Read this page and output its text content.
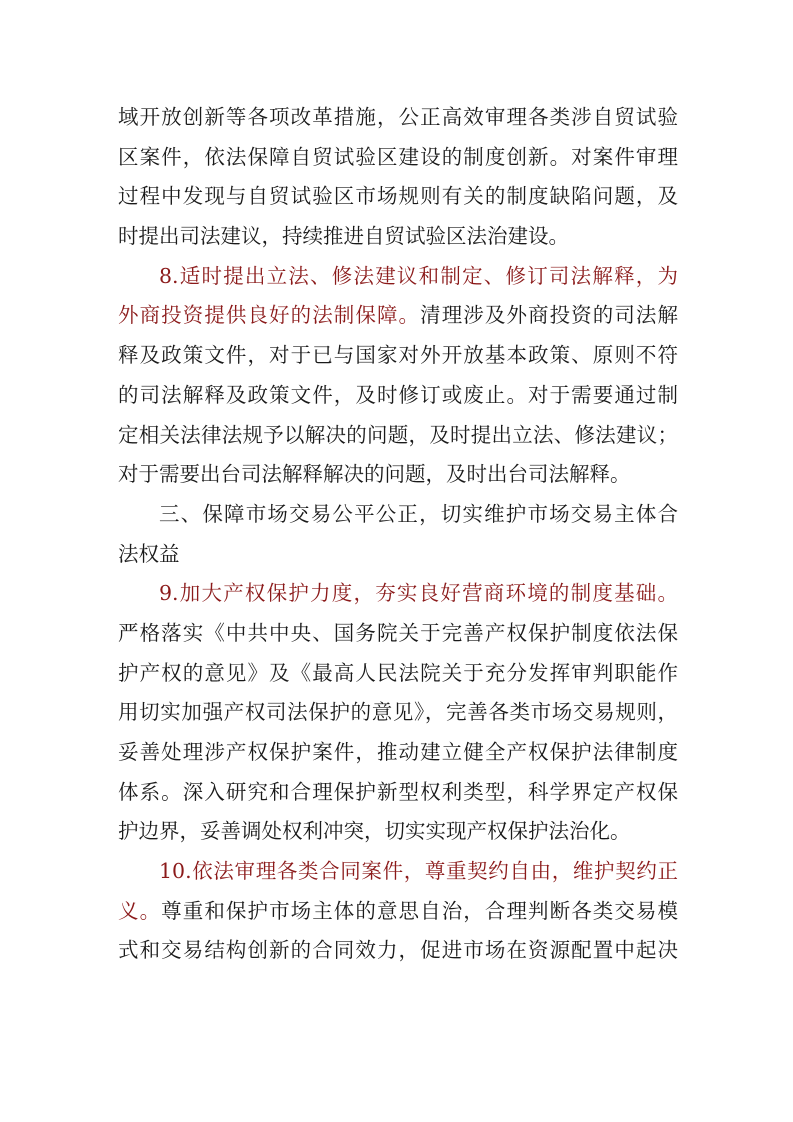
域开放创新等各项改革措施，公正高效审理各类涉自贸试验
区案件，依法保障自贸试验区建设的制度创新。对案件审理
过程中发现与自贸试验区市场规则有关的制度缺陷问题，及
时提出司法建议，持续推进自贸试验区法治建设。
8.适时提出立法、修法建议和制定、修订司法解释，为
外商投资提供良好的法制保障。清理涉及外商投资的司法解
释及政策文件，对于已与国家对外开放基本政策、原则不符
的司法解释及政策文件，及时修订或废止。对于需要通过制
定相关法律法规予以解决的问题，及时提出立法、修法建议；
对于需要出台司法解释解决的问题，及时出台司法解释。
三、保障市场交易公平公正，切实维护市场交易主体合
法权益
9.加大产权保护力度，夯实良好营商环境的制度基础。
严格落实《中共中央、国务院关于完善产权保护制度依法保
护产权的意见》及《最高人民法院关于充分发挥审判职能作
用切实加强产权司法保护的意见》，完善各类市场交易规则，
妥善处理涉产权保护案件，推动建立健全产权保护法律制度
体系。深入研究和合理保护新型权利类型，科学界定产权保
护边界，妥善调处权利冲突，切实实现产权保护法治化。
10.依法审理各类合同案件，尊重契约自由，维护契约正
义。尊重和保护市场主体的意思自治，合理判断各类交易模
式和交易结构创新的合同效力，促进市场在资源配置中起决
